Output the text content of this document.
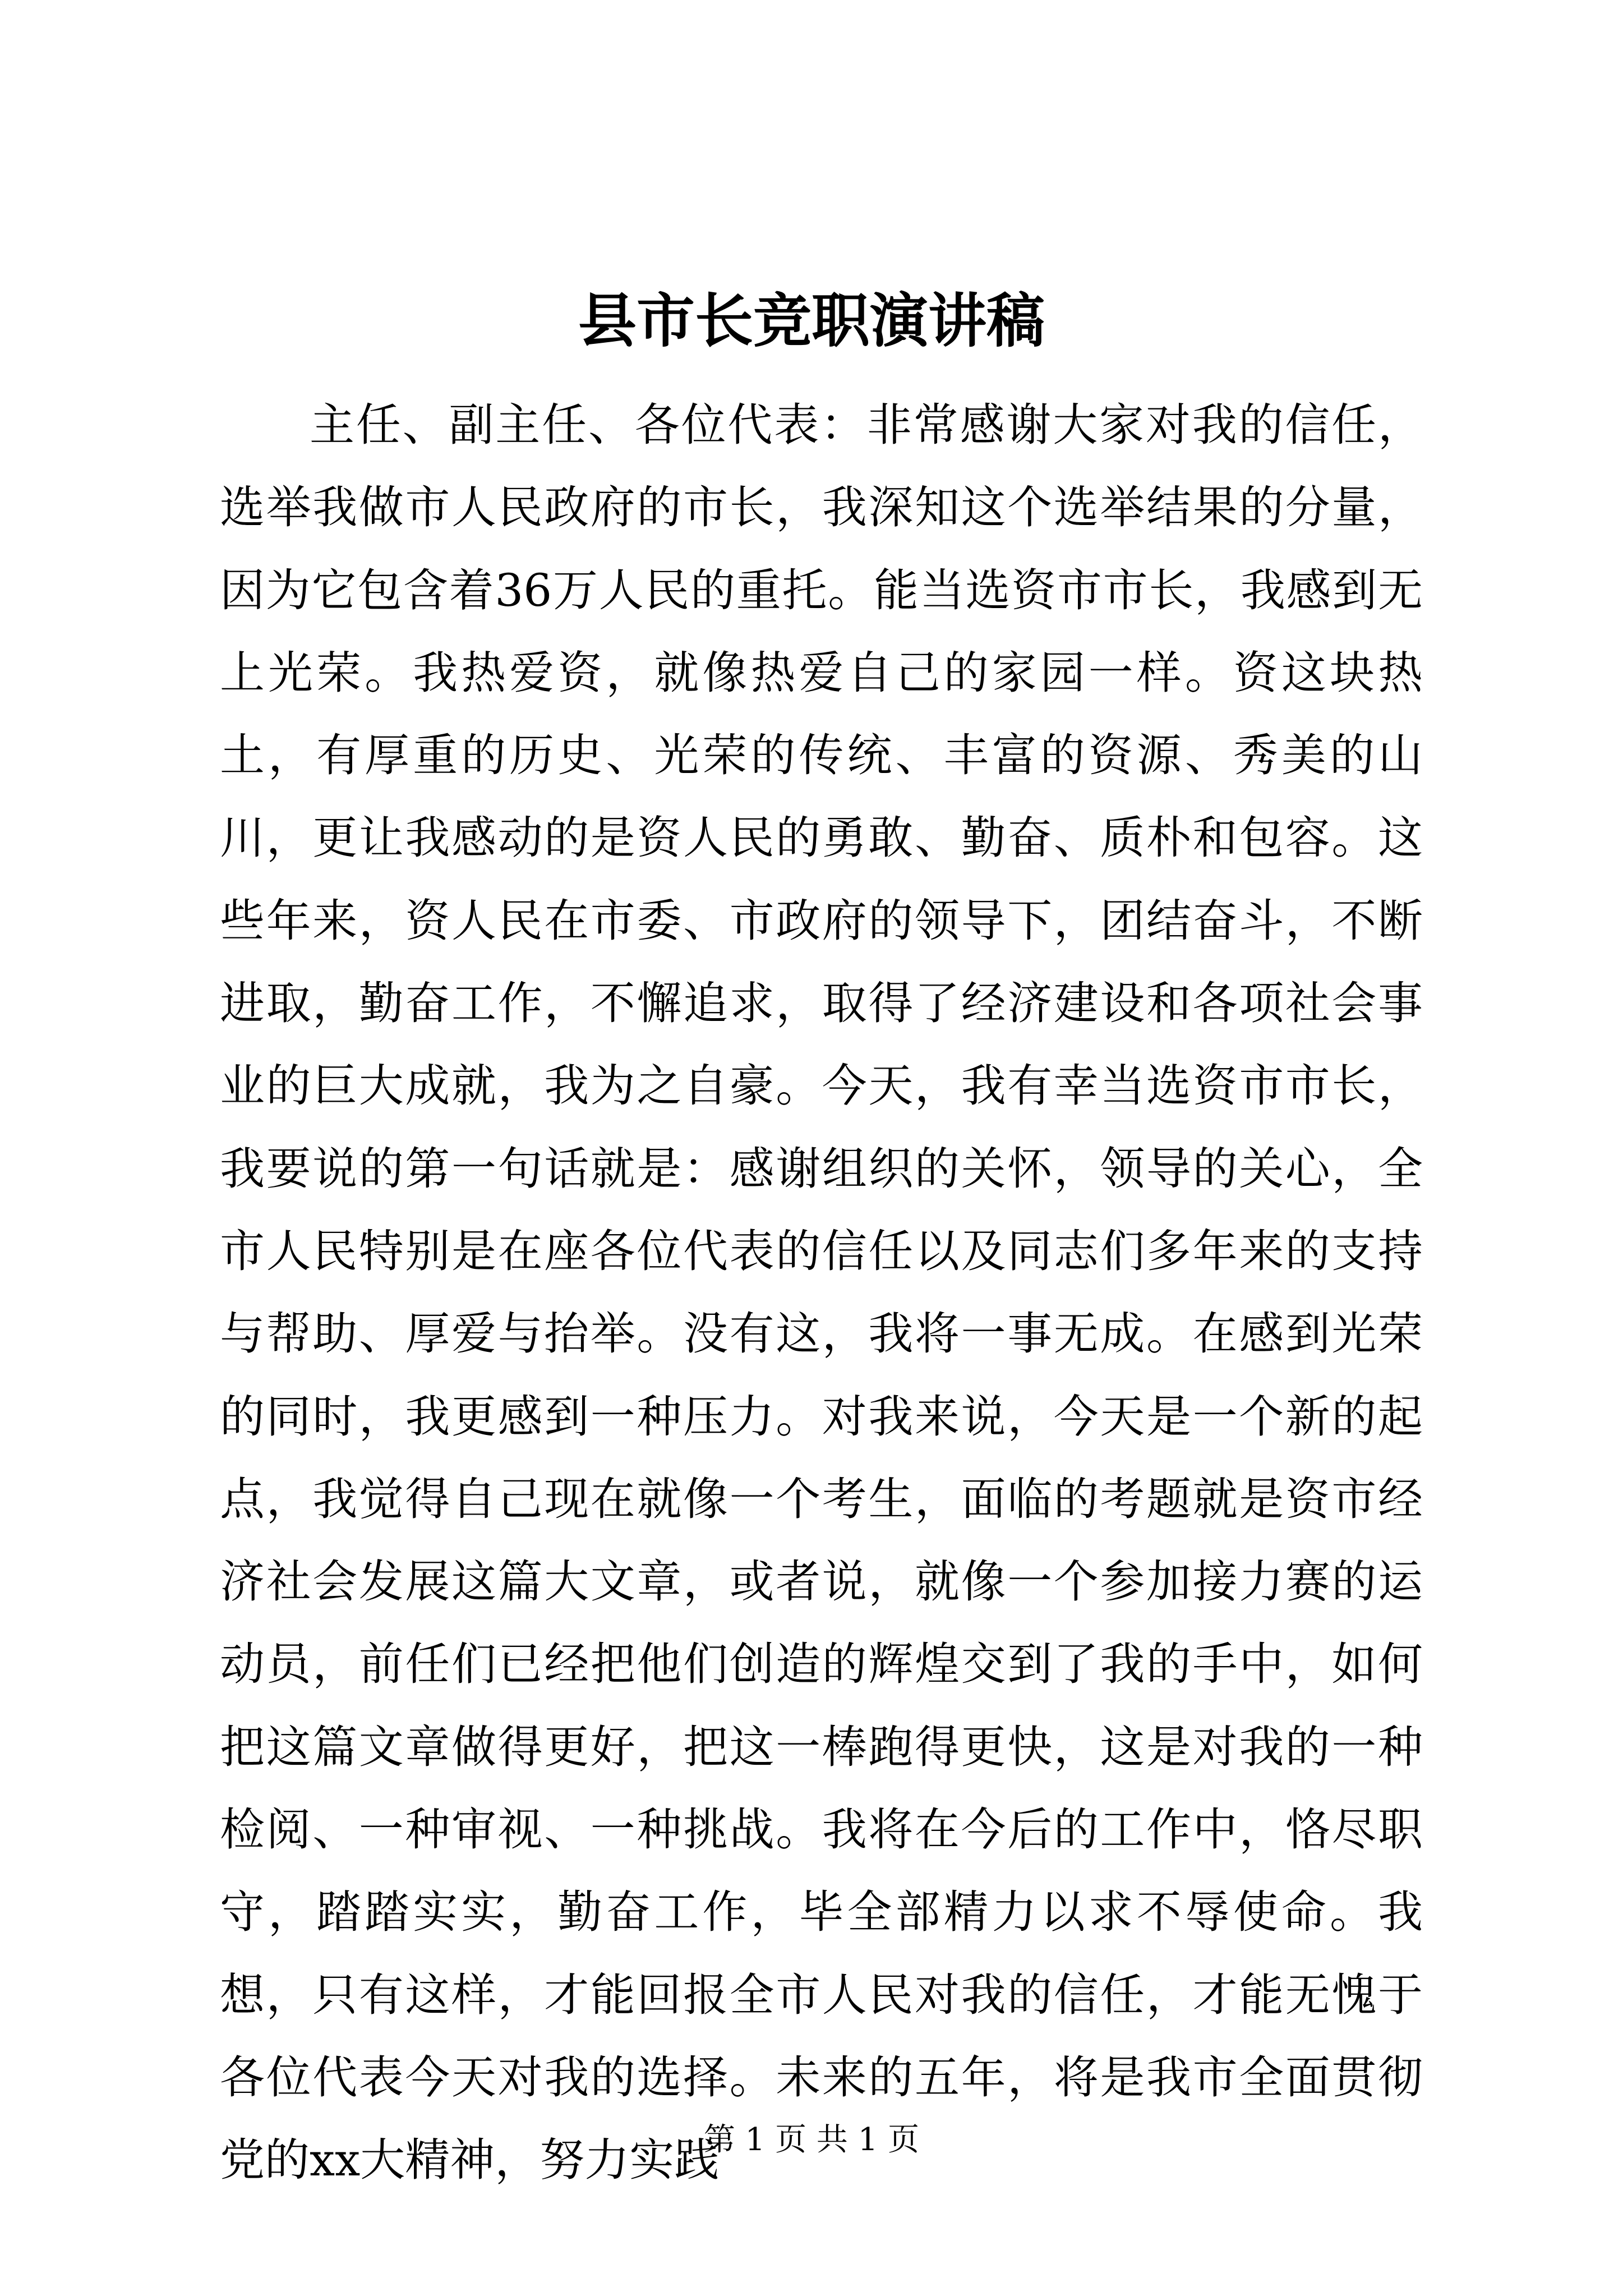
县市长竞职演讲稿

主任、副主任、各位代表：非常感谢大家对我的信任，选举我做市人民政府的市长，我深知这个选举结果的分量，因为它包含着36万人民的重托。能当选资市市长，我感到无上光荣。我热爱资，就像热爱自己的家园一样。资这块热土，有厚重的历史、光荣的传统、丰富的资源、秀美的山川，更让我感动的是资人民的勇敢、勤奋、质朴和包容。这些年来，资人民在市委、市政府的领导下，团结奋斗，不断进取，勤奋工作，不懈追求，取得了经济建设和各项社会事业的巨大成就，我为之自豪。今天，我有幸当选资市市长，我要说的第一句话就是：感谢组织的关怀，领导的关心，全市人民特别是在座各位代表的信任以及同志们多年来的支持与帮助、厚爱与抬举。没有这，我将一事无成。在感到光荣的同时，我更感到一种压力。对我来说，今天是一个新的起点，我觉得自己现在就像一个考生，面临的考题就是资市经济社会发展这篇大文章，或者说，就像一个参加接力赛的运动员，前任们已经把他们创造的辉煌交到了我的手中，如何把这篇文章做得更好，把这一棒跑得更快，这是对我的一种检阅、一种审视、一种挑战。我将在今后的工作中，恪尽职守，踏踏实实，勤奋工作，毕全部精力以求不辱使命。我想，只有这样，才能回报全市人民对我的信任，才能无愧于各位代表今天对我的选择。未来的五年，将是我市全面贯彻党的xx大精神，努力实践

第 1 页 共 1 页
